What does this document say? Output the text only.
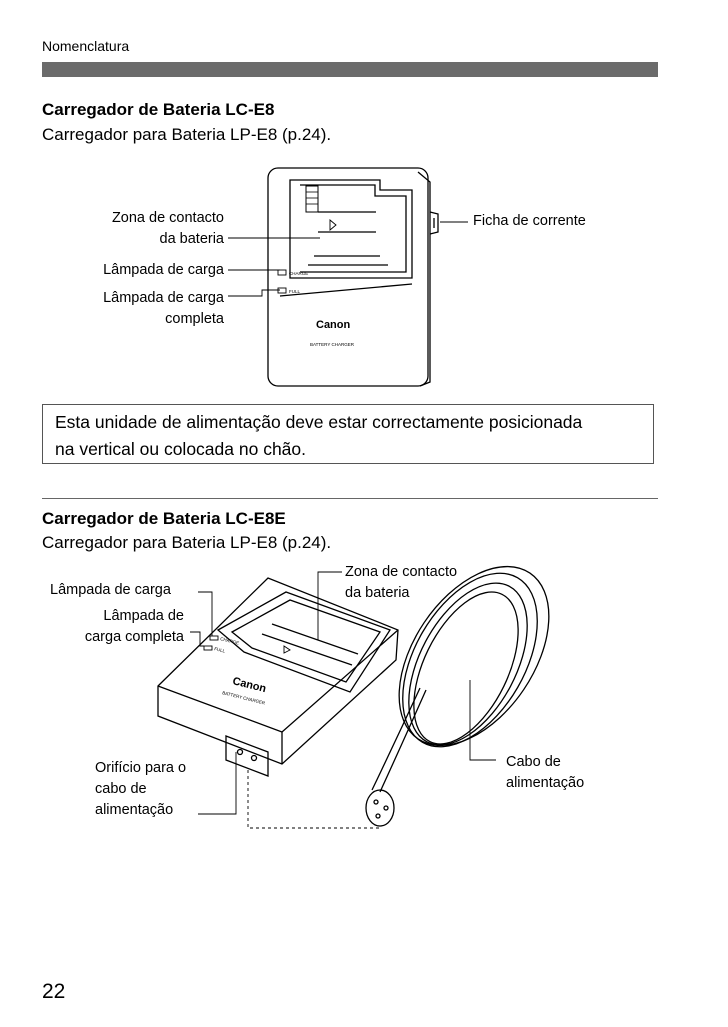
Nomenclatura
Carregador de Bateria LC-E8
Carregador para Bateria LP-E8 (p.24).
Zona de contacto
da bateria
Lâmpada de carga
Lâmpada de carga
completa
Ficha de corrente
Esta unidade de alimentação deve estar correctamente posicionada
na vertical ou colocada no chão.
Carregador de Bateria LC-E8E
Carregador para Bateria LP-E8 (p.24).
Lâmpada de carga
Lâmpada de
carga completa
Zona de contacto
da bateria
Orifício para o
cabo de
alimentação
Cabo de
alimentação
22
Canon
BATTERY CHARGER
CHARGE
FULL
Canon
BATTERY CHARGER
CHARGE
FULL
